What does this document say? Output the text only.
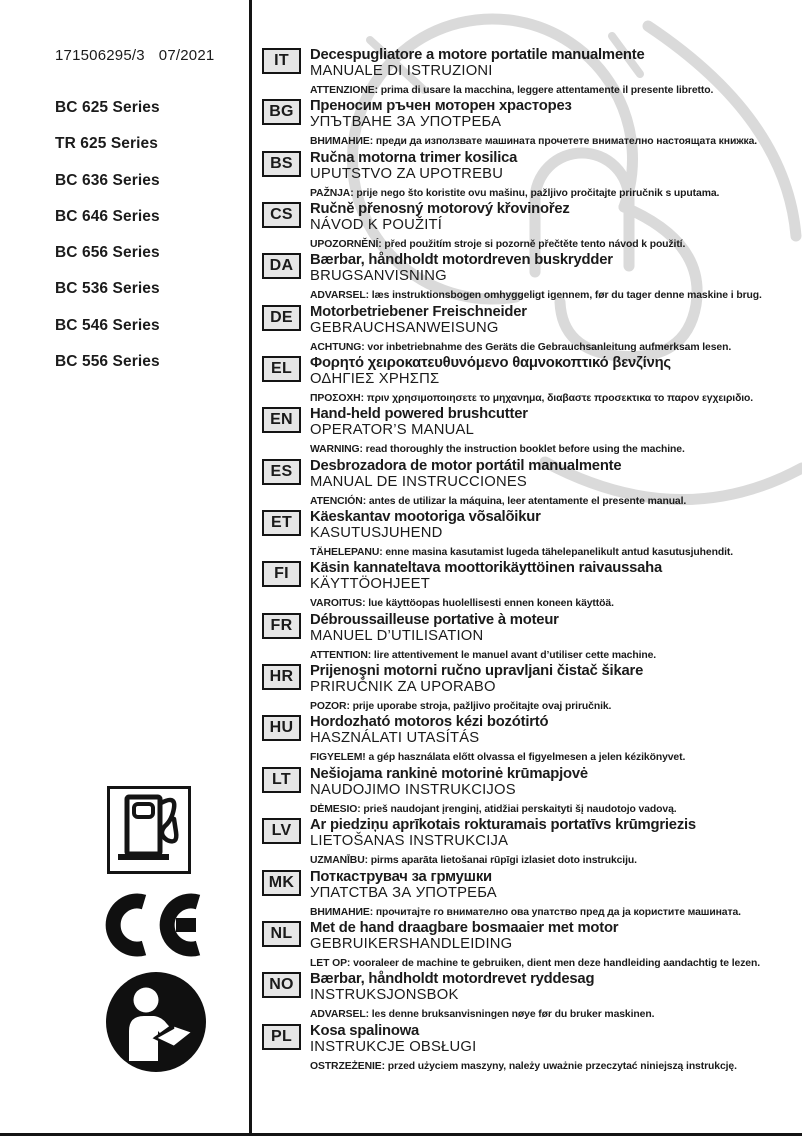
171506295/3 07/2021
BC 625 Series
TR 625 Series
BC 636 Series
BC 646 Series
BC 656 Series
BC 536 Series
BC 546 Series
BC 556 Series
IT	Decespugliatore a motore portatile manualmente
MANUALE DI ISTRUZIONI
ATTENZIONE: prima di usare la macchina, leggere attentamente il presente libretto.
BG	Преносим ръчен моторен храсторез
УПЪТВАНЕ ЗА УПОТРЕБА
ВНИМАНИЕ: преди да използвате машината прочетете внимателно настоящата книжка.
BS	Ručna motorna trimer kosilica
UPUTSTVO ZA UPOTREBU
PAŽNJA: prije nego što koristite ovu mašinu, pažljivo pročitajte priručnik s uputama.
CS	Ručně přenosný motorový křovinořez
NÁVOD K POUŽITÍ
UPOZORNĚNÍ: před použitím stroje si pozorně přečtěte tento návod k použití.
DA	Bærbar, håndholdt motordreven buskrydder
BRUGSANVISNING
ADVARSEL: læs instruktionsbogen omhyggeligt igennem, før du tager denne maskine i brug.
DE	Motorbetriebener Freischneider
GEBRAUCHSANWEISUNG
ACHTUNG: vor inbetriebnahme des Geräts die Gebrauchsanleitung aufmerksam lesen.
EL	Φορητό χειροκατευθυνόμενο θαμνοκοπτικό βενζίνης
ΟΔΗΓΙΕΣ ΧΡΗΣΠΣ
ΠΡΟΣΟΧΗ: πριν χρησιμοποιησετε το μηχανημα, διαβαστε προσεκτικα το παρον εγχειριδιο.
EN	Hand-held powered brushcutter
OPERATOR’S MANUAL
WARNING: read thoroughly the instruction booklet before using the machine.
ES	Desbrozadora de motor portátil manualmente
MANUAL DE INSTRUCCIONES
ATENCIÓN: antes de utilizar la máquina, leer atentamente el presente manual.
ET	Käeskantav mootoriga võsalõikur
KASUTUSJUHEND
TÄHELEPANU: enne masina kasutamist lugeda tähelepanelikult antud kasutusjuhendit.
FI	Käsin kannateltava moottorikäyttöinen raivaussaha
KÄYTTÖOHJEET
VAROITUS: lue käyttöopas huolellisesti ennen koneen käyttöä.
FR	Débroussailleuse portative à moteur
MANUEL D’UTILISATION
ATTENTION: lire attentivement le manuel avant d’utiliser cette machine.
HR	Prijenoşni motorni ručno upravljani čistač šikare
PRIRUČNIK ZA UPORABO
POZOR: prije uporabe stroja, pažljivo pročitajte ovaj priručnik.
HU	Hordozható motoros kézi bozótirtó
HASZNÁLATI UTASÍTÁS
FIGYELEM! a gép használata előtt olvassa el figyelmesen a jelen kézikönyvet.
LT	Nešiojama rankinė motorinė krūmapjovė
NAUDOJIMO INSTRUKCIJOS
DĖMESIO: prieš naudojant įrenginį, atidžiai perskaityti šį naudotojo vadovą.
LV	Ar piedziņu aprīkotais rokturamais portatīvs krūmgriezis
LIETOŠANAS INSTRUKCIJA
UZMANĪBU: pirms aparāta lietošanai rūpīgi izlasiet doto instrukciju.
MK	Поткаструвач за грмушки
УПАТСТВА ЗА УПОТРЕБА
ВНИМАНИЕ: прочитајте го внимателно ова упатство пред да ја користите машината.
NL	Met de hand draagbare bosmaaier met motor
GEBRUIKERSHANDLEIDING
LET OP: vooraleer de machine te gebruiken, dient men deze handleiding aandachtig te lezen.
NO	Bærbar, håndholdt motordrevet ryddesag
INSTRUKSJONSBOK
ADVARSEL: les denne bruksanvisningen nøye før du bruker maskinen.
PL	Kosa spalinowa
INSTRUKCJE OBSŁUGI
OSTRZEŻENIE: przed użyciem maszyny, należy uważnie przeczytać niniejszą instrukcję.
